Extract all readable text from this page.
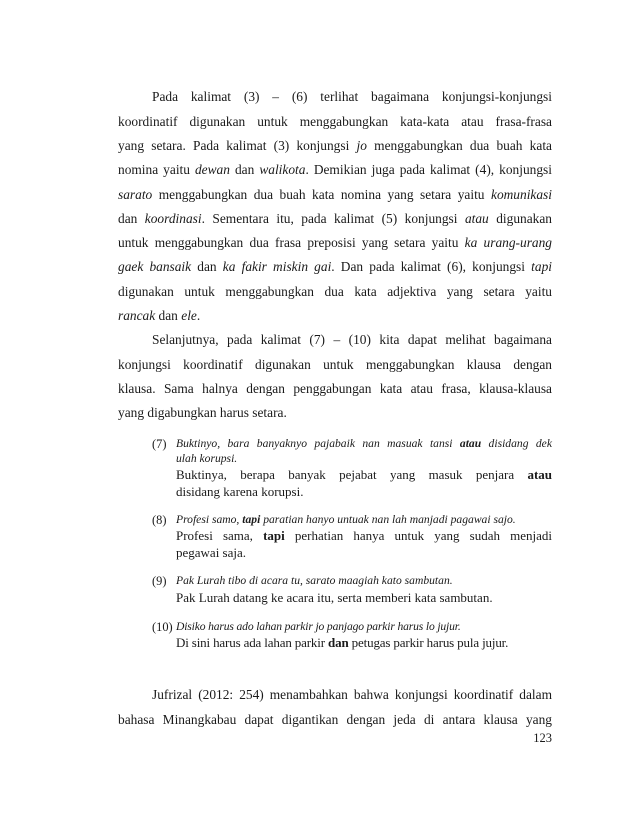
Pada kalimat (3) – (6) terlihat bagaimana konjungsi-konjungsi
koordinatif digunakan untuk menggabungkan kata-kata atau frasa-frasa
yang setara. Pada kalimat (3) konjungsi jo menggabungkan dua buah kata
nomina yaitu dewan dan walikota. Demikian juga pada kalimat (4), konjungsi
sarato menggabungkan dua buah kata nomina yang setara yaitu komunikasi
dan koordinasi. Sementara itu, pada kalimat (5) konjungsi atau digunakan
untuk menggabungkan dua frasa preposisi yang setara yaitu ka urang-urang
gaek bansaik dan ka fakir miskin gai. Dan pada kalimat (6), konjungsi tapi
digunakan untuk menggabungkan dua kata adjektiva yang setara yaitu
rancak dan ele.
Selanjutnya, pada kalimat (7) – (10) kita dapat melihat bagaimana
konjungsi koordinatif digunakan untuk menggabungkan klausa dengan
klausa. Sama halnya dengan penggabungan kata atau frasa, klausa-klausa
yang digabungkan harus setara.
(7) Buktinyo, bara banyaknyo pajabaik nan masuak tansi atau disidang dek
ulah korupsi.
Buktinya, berapa banyak pejabat yang masuk penjara atau
disidang karena korupsi.
(8) Profesi samo, tapi paratian hanyo untuak nan lah manjadi pagawai sajo.
Profesi sama, tapi perhatian hanya untuk yang sudah menjadi
pegawai saja.
(9) Pak Lurah tibo di acara tu, sarato maagiah kato sambutan.
Pak Lurah datang ke acara itu, serta memberi kata sambutan.
(10) Disiko harus ado lahan parkir jo panjago parkir harus lo jujur.
Di sini harus ada lahan parkir dan petugas parkir harus pula jujur.
Jufrizal (2012: 254) menambahkan bahwa konjungsi koordinatif dalam
bahasa Minangkabau dapat digantikan dengan jeda di antara klausa yang
123
